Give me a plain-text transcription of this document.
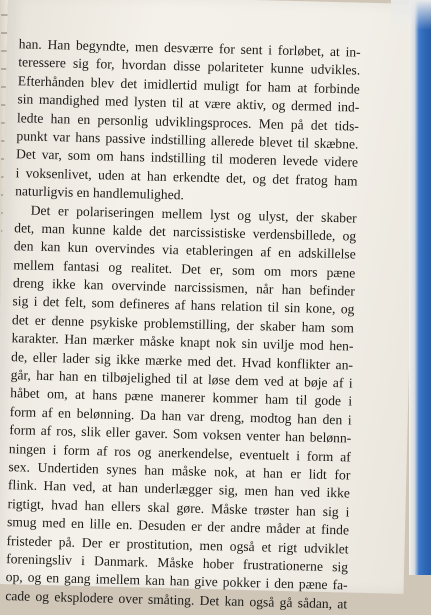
han. Han begyndte, men desværre for sent i forløbet, at in-
teressere sig for, hvordan disse polariteter kunne udvikles.
Efterhånden blev det imidlertid muligt for ham at forbinde
sin mandighed med lysten til at være aktiv, og dermed ind-
ledte han en personlig udviklingsproces. Men på det tids-
punkt var hans passive indstilling allerede blevet til skæbne.
Det var, som om hans indstilling til moderen levede videre
i voksenlivet, uden at han erkendte det, og det fratog ham
naturligvis en handlemulighed.
Det er polariseringen mellem lyst og ulyst, der skaber
det, man kunne kalde det narcissistiske verdensbillede, og
den kan kun overvindes via etableringen af en adskillelse
mellem fantasi og realitet. Det er, som om mors pæne
dreng ikke kan overvinde narcissismen, når han befinder
sig i det felt, som defineres af hans relation til sin kone, og
det er denne psykiske problemstilling, der skaber ham som
karakter. Han mærker måske knapt nok sin uvilje mod hen-
de, eller lader sig ikke mærke med det. Hvad konflikter an-
går, har han en tilbøjelighed til at løse dem ved at bøje af i
håbet om, at hans pæne manerer kommer ham til gode i
form af en belønning. Da han var dreng, modtog han den i
form af ros, slik eller gaver. Som voksen venter han belønn-
ningen i form af ros og anerkendelse, eventuelt i form af
sex. Undertiden synes han måske nok, at han er lidt for
flink. Han ved, at han underlægger sig, men han ved ikke
rigtigt, hvad han ellers skal gøre. Måske trøster han sig i
smug med en lille en. Desuden er der andre måder at finde
fristeder på. Der er prostitution, men også et rigt udviklet
foreningsliv i Danmark. Måske hober frustrationerne sig
op, og en gang imellem kan han give pokker i den pæne fa-
cade og eksplodere over småting. Det kan også gå sådan, at
